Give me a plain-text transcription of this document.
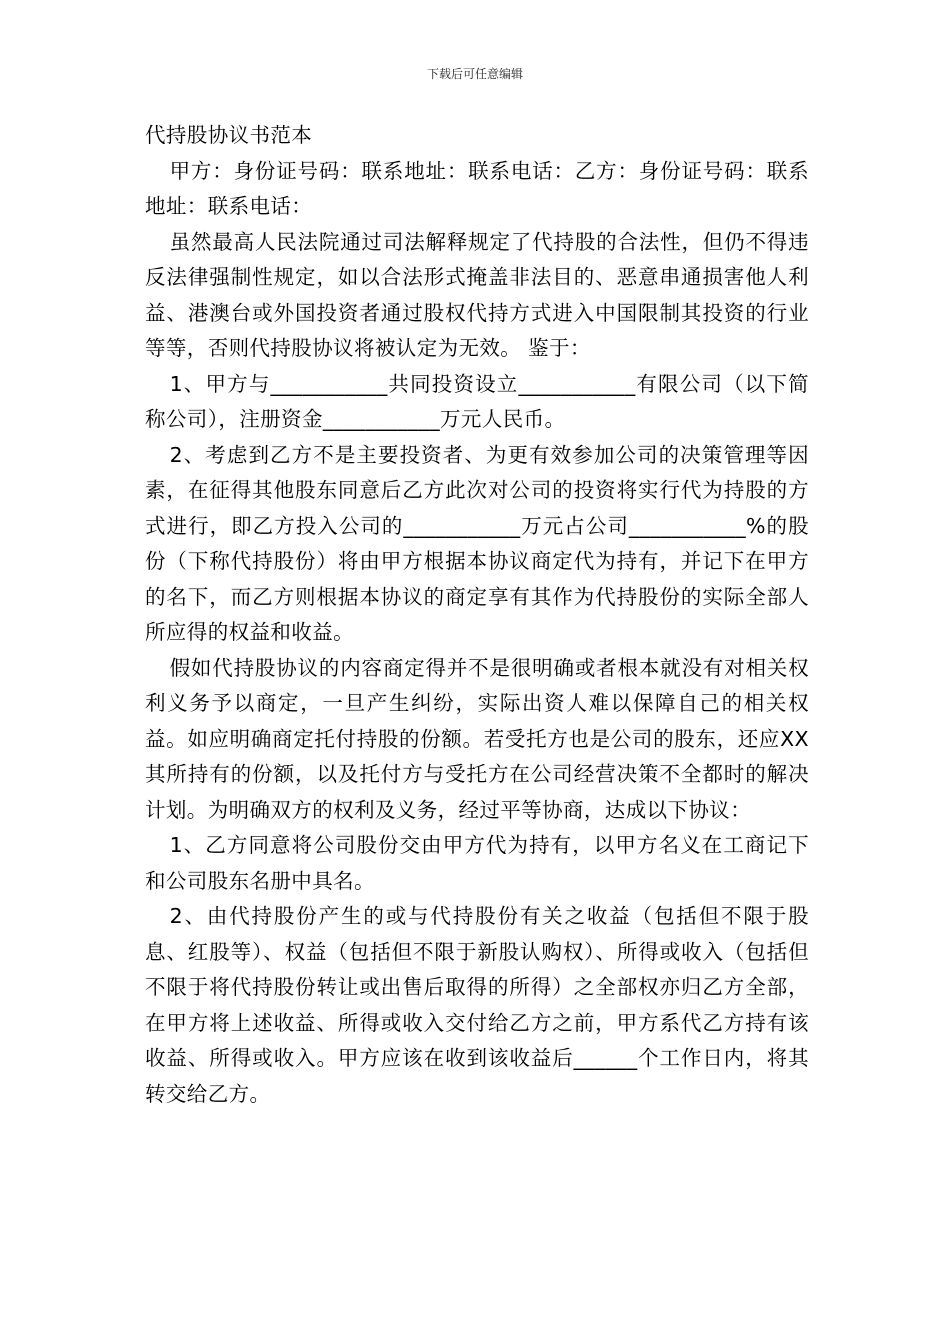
下载后可任意编辑

代持股协议书范本

甲方：身份证号码：联系地址：联系电话：乙方：身份证号码：联系地址：联系电话：

虽然最高人民法院通过司法解释规定了代持股的合法性，但仍不得违反法律强制性规定，如以合法形式掩盖非法目的、恶意串通损害他人利益、港澳台或外国投资者通过股权代持方式进入中国限制其投资的行业等等，否则代持股协议将被认定为无效。 鉴于：

1、甲方与___________共同投资设立___________有限公司（以下简称公司），注册资金___________万元人民币。

2、考虑到乙方不是主要投资者、为更有效参加公司的决策管理等因素，在征得其他股东同意后乙方此次对公司的投资将实行代为持股的方式进行，即乙方投入公司的___________万元占公司___________%的股份（下称代持股份）将由甲方根据本协议商定代为持有，并记下在甲方的名下，而乙方则根据本协议的商定享有其作为代持股份的实际全部人所应得的权益和收益。

假如代持股协议的内容商定得并不是很明确或者根本就没有对相关权利义务予以商定，一旦产生纠纷，实际出资人难以保障自己的相关权益。如应明确商定托付持股的份额。若受托方也是公司的股东，还应XX其所持有的份额，以及托付方与受托方在公司经营决策不全都时的解决计划。为明确双方的权利及义务，经过平等协商，达成以下协议：

1、乙方同意将公司股份交由甲方代为持有，以甲方名义在工商记下和公司股东名册中具名。

2、由代持股份产生的或与代持股份有关之收益（包括但不限于股息、红股等）、权益（包括但不限于新股认购权）、所得或收入（包括但不限于将代持股份转让或出售后取得的所得）之全部权亦归乙方全部，在甲方将上述收益、所得或收入交付给乙方之前，甲方系代乙方持有该收益、所得或收入。甲方应该在收到该收益后______个工作日内，将其转交给乙方。
